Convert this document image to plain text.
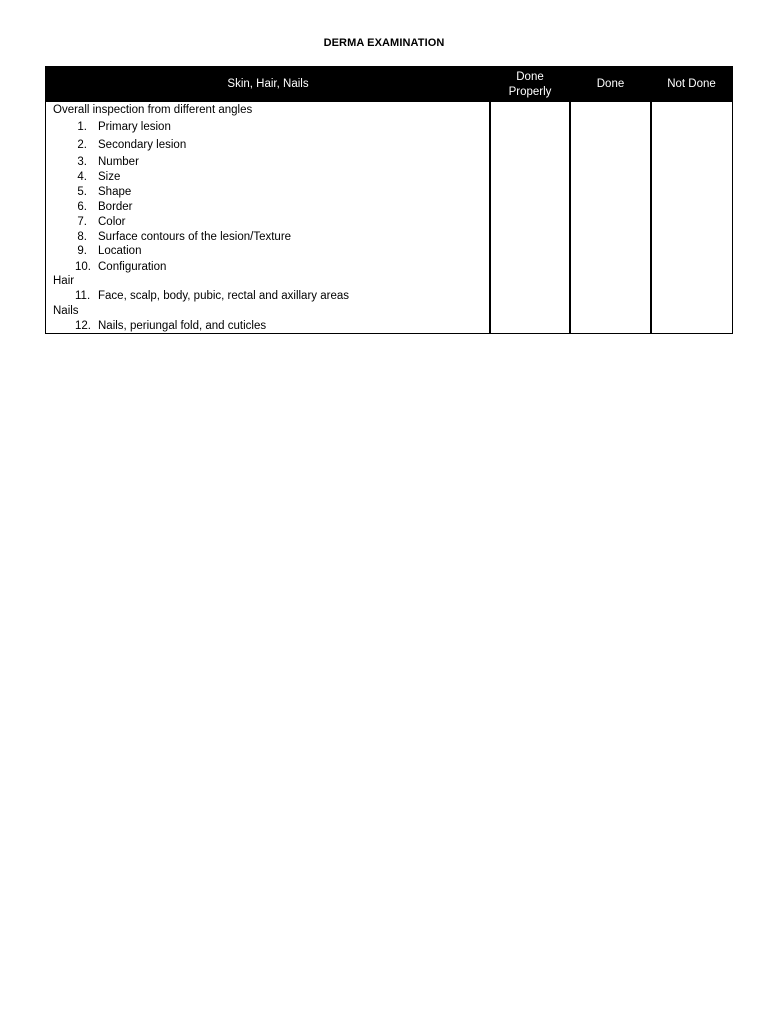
DERMA EXAMINATION
Skin, Hair, Nails
Done Properly
Done	Not Done
Overall inspection from different angles
1. Primary lesion
2. Secondary lesion
3. Number
4. Size
5. Shape
6. Border
7. Color
8. Surface contours of the lesion/Texture
9. Location
10. Configuration
Hair
11. Face, scalp, body, pubic, rectal and axillary areas
Nails
12. Nails, periungal fold, and cuticles
